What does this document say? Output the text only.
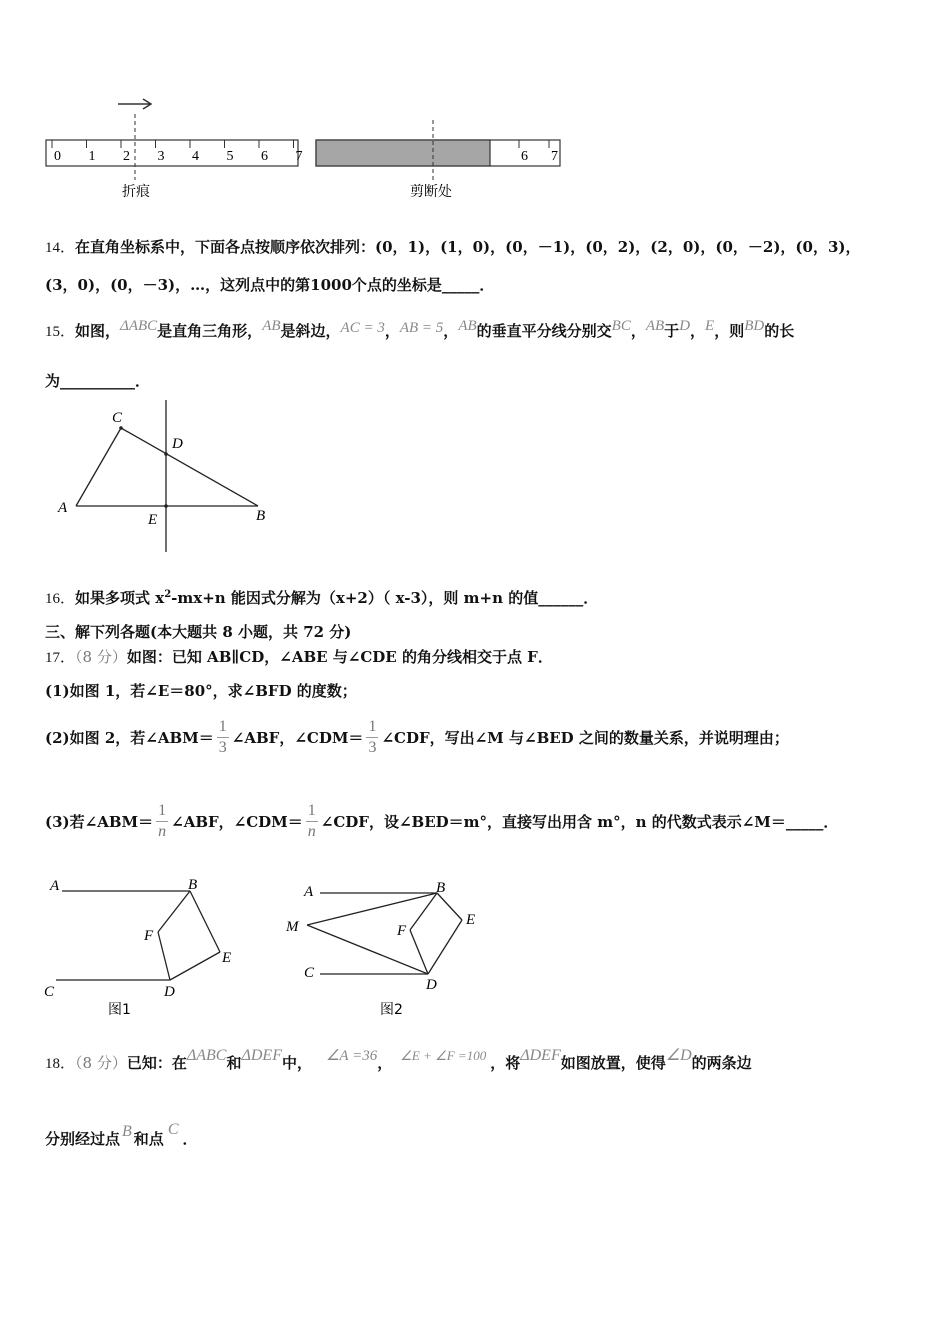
0 1 2 3 4 5 6 7	6 7
折痕	剪断处
14．在直角坐标系中，下面各点按顺序依次排列：(0，1)，(1，0)，(0，－1)，(0，2)，(2，0)，(0，－2)，(0，3)，
(3，0)，(0，－3)，…，这列点中的第1000个点的坐标是_____．
15．如图，ΔABC是直角三角形，AB是斜边，AC = 3，AB = 5，AB的垂直平分线分别交BC，AB于D，E，则BD的长
为__________．
C
D
A
E	B
16．如果多项式 $x^2-mx+n$ 能因式分解为（x+2）（ x-3），则 m+n 的值______．
三、解下列各题(本大题共 8 小题，共 72 分)
17．（8 分）如图：已知 AB∥CD，∠ABE 与∠CDE 的角分线相交于点 F．
(1)如图 1，若∠E＝80°，求∠BFD 的度数；
(2)如图 2，若∠ABM＝ $\frac{1}{3}$ ∠ABF，∠CDM＝ $\frac{1}{3}$ ∠CDF，写出∠M 与∠BED 之间的数量关系，并说明理由；
(3)若∠ABM＝ $\frac{1}{n}$ ∠ABF，∠CDM＝ $\frac{1}{n}$ ∠CDF，设∠BED＝m°，直接写出用含 m°，n 的代数式表示∠M＝_____．
A	B
F
E
C	D
图1
A	B
M	F
E
C
D
图2
18．（8 分）已知：在ΔABC和ΔDEF中， ∠A =36， ∠E + ∠F =100 ，将ΔDEF如图放置，使得∠D的两条边
分别经过点 B 和点C．
